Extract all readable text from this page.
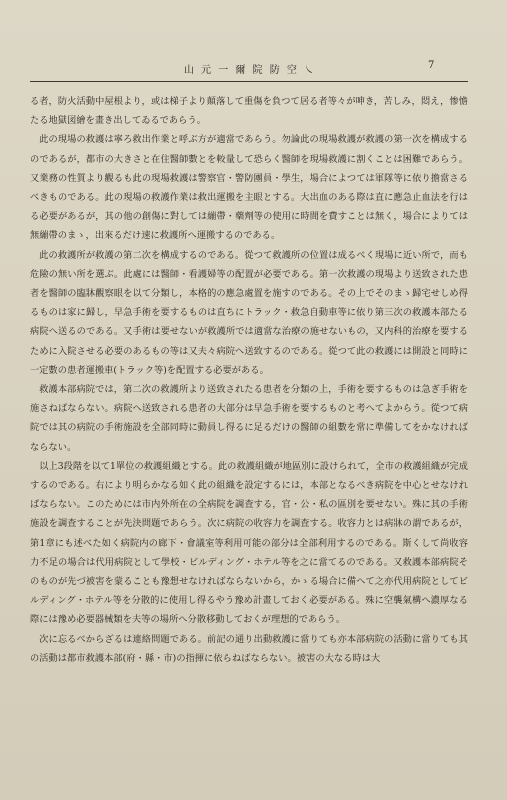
山 元 一 爾 院 防 空 ㇏	7

る者，防火活動中屋根より，或は梯子より顛落して重傷を負つて居る者等々が呻き，苦しみ，悶え，惨憺たる地獄図繪を畫き出してゐるであらう。

此の現場の救護は寧ろ救出作業と呼ぶ方が適當であらう。勿論此の現場救護が救護の第一次を構成するのであるが，都市の大きさと在住醫師數とを較量して恐らく醫師を現場救護に割くことは困難であらう。又業務の性質より觀るも此の現場救護は警察官・警防團員・學生，場合によつては軍隊等に依り擔當さるべきものである。此の現場の救護作業は救出運搬を主眼とする。大出血のある際は直に應急止血法を行はる必要があるが，其の他の創傷に對しては繃帶・藥劑等の使用に時間を費すことは無く，場合によりては無繃帶のまゝ，出來るだけ速に救護所へ運搬するのである。

此の救護所が救護の第二次を構成するのである。從つて救護所の位置は成るべく現場に近い所で，而も危險の無い所を選ぶ。此處には醫師・看護婦等の配置が必要である。第一次救護の現場より送致された患者を醫師の臨牀觀察眼を以て分類し，本格的の應急處置を施すのである。その上でそのまゝ歸宅せしめ得るものは家に歸し，早急手術を要するものは直ちにトラック・救急自動車等に依り第三次の救護本部たる病院へ送るのである。又手術は要せないが救護所では適當な治療の施せないもの，又内科的治療を要するために入院させる必要のあるもの等は又夫々病院へ送致するのである。從つて此の救護には開設と同時に一定數の患者運搬車(トラック等)を配置する必要がある。

救護本部病院では，第二次の救護所より送致されたる患者を分類の上，手術を要するものは急ぎ手術を施さねばならない。病院へ送致される患者の大部分は早急手術を要するものと考へてよからう。從つて病院では其の病院の手術施設を全部同時に動員し得るに足るだけの醫師の組數を常に準備してをかなければならない。

以上3段階を以て1單位の救護組織とする。此の救護組織が地區別に設けられて，全市の救護組織が完成するのである。右により明らかなる如く此の組織を設定するには，本部となるべき病院を中心とせなければならない。このためには市内外所在の全病院を調査する，官・公・私の區別を要せない。殊に其の手術施設を調査することが先決問題であらう。次に病院の收容力を調査する。收容力とは病牀の謂であるが，第1章にも述べた如く病院内の廊下・會議室等利用可能の部分は全部利用するのである。斯くして尚收容力不足の場合は代用病院として學校・ビルディング・ホテル等を之に當てるのである。又救護本部病院そのものが先づ被害を蒙ることも豫想せなければならないから，かゝる場合に備へて之亦代用病院としてビルディング・ホテル等を分散的に使用し得るやう豫め計畫しておく必要がある。殊に空襲氣構へ濃厚なる際には豫め必要器械類を夫等の場所へ分散移動しておくが理想的であらう。

次に忘るべからざるは連絡問題である。前記の通り出動救護に當りても亦本部病院の活動に當りても其の活動は都市救護本部(府・縣・市)の指揮に依らねばならない。被害の大なる時は大
